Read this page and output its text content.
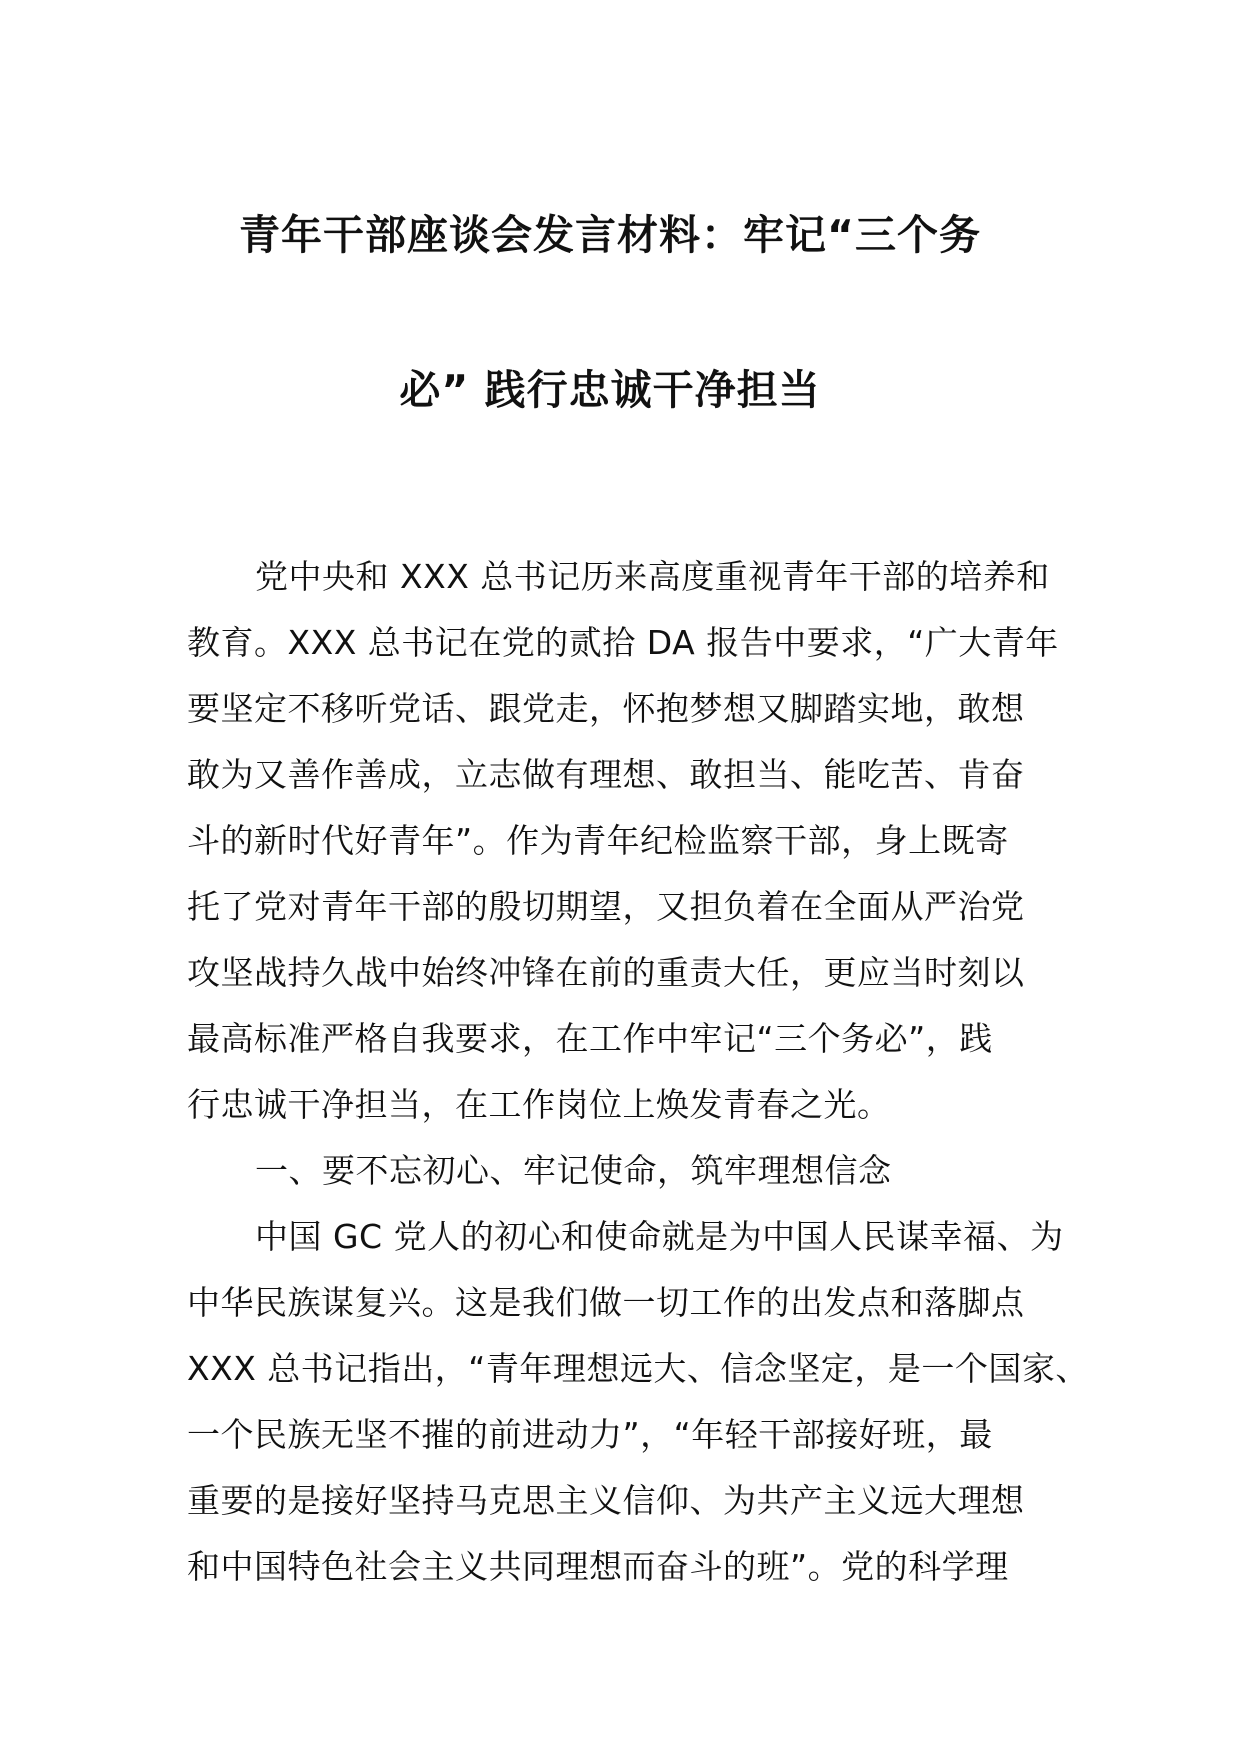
青年干部座谈会发言材料：牢记“三个务
必” 践行忠诚干净担当
党中央和 XXX 总书记历来高度重视青年干部的培养和
教育。XXX 总书记在党的贰拾 DA 报告中要求，“广大青年
要坚定不移听党话、跟党走，怀抱梦想又脚踏实地，敢想
敢为又善作善成，立志做有理想、敢担当、能吃苦、肯奋
斗的新时代好青年”。作为青年纪检监察干部，身上既寄
托了党对青年干部的殷切期望，又担负着在全面从严治党
攻坚战持久战中始终冲锋在前的重责大任，更应当时刻以
最高标准严格自我要求，在工作中牢记“三个务必”，践
行忠诚干净担当，在工作岗位上焕发青春之光。
一、要不忘初心、牢记使命，筑牢理想信念
中国 GC 党人的初心和使命就是为中国人民谋幸福、为
中华民族谋复兴。这是我们做一切工作的出发点和落脚点
XXX 总书记指出，“青年理想远大、信念坚定，是一个国家、
一个民族无坚不摧的前进动力”，“年轻干部接好班，最
重要的是接好坚持马克思主义信仰、为共产主义远大理想
和中国特色社会主义共同理想而奋斗的班”。党的科学理
